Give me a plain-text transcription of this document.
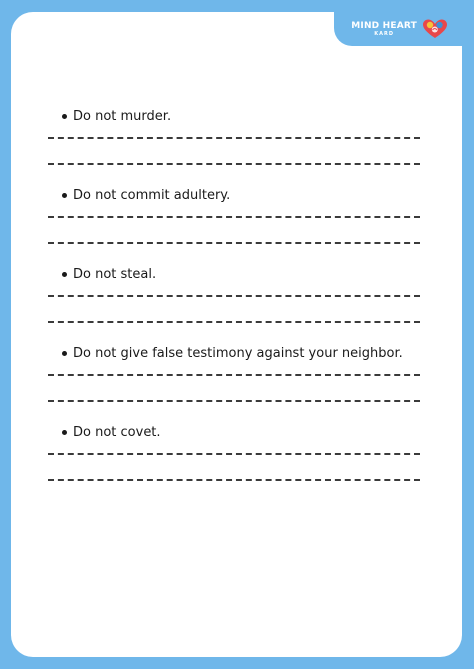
MIND HEART
KARD
Do not murder.
Do not commit adultery.
Do not steal.
Do not give false testimony against your neighbor.
Do not covet.
